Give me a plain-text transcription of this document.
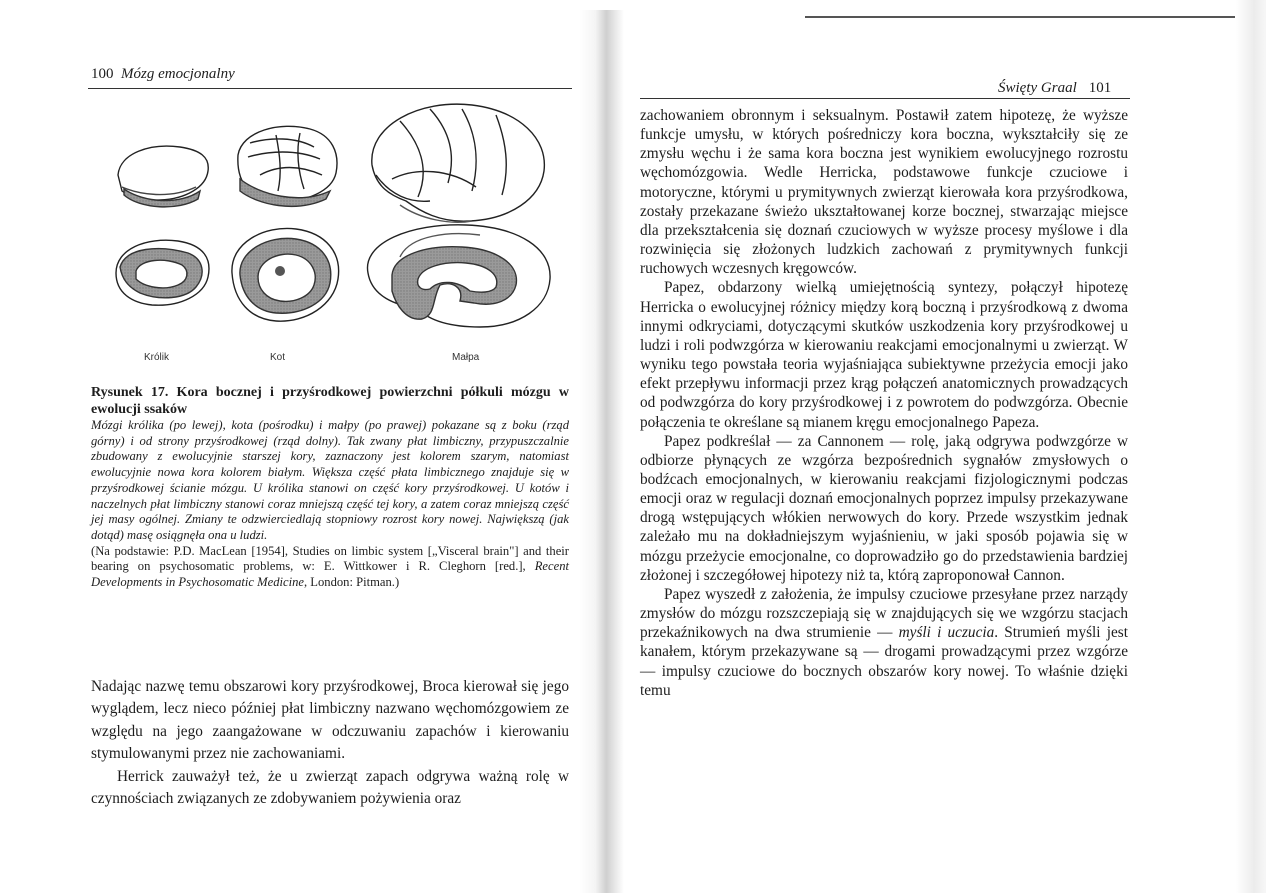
100 Mózg emocjonalny
Królik	Kot	Małpa
Rysunek 17. Kora bocznej i przyśrodkowej powierzchni półkuli mózgu w ewolucji ssaków
Mózgi królika (po lewej), kota (pośrodku) i małpy (po prawej) pokazane są z boku (rząd górny) i od strony przyśrodkowej (rząd dolny). Tak zwany płat limbiczny, przypuszczalnie zbudowany z ewolucyjnie starszej kory, zaznaczony jest kolorem szarym, natomiast ewolucyjnie nowa kora kolorem białym. Większa część płata limbicznego znajduje się w przyśrodkowej ścianie mózgu. U królika stanowi on część kory przyśrodkowej. U kotów i naczelnych płat limbiczny stanowi coraz mniejszą część tej kory, a zatem coraz mniejszą część jej masy ogólnej. Zmiany te odzwierciedlają stopniowy rozrost kory nowej. Największą (jak dotąd) masę osiągnęła ona u ludzi.
(Na podstawie: P.D. MacLean [1954], Studies on limbic system [„Visceral brain"] and their bearing on psychosomatic problems, w: E. Wittkower i R. Cleghorn [red.], Recent Developments in Psychosomatic Medicine, London: Pitman.)

Nadając nazwę temu obszarowi kory przyśrodkowej, Broca kierował się jego wyglądem, lecz nieco później płat limbiczny nazwano węchomózgowiem ze względu na jego zaangażowane w odczuwaniu zapachów i kierowaniu stymulowanymi przez nie zachowaniami.

Herrick zauważył też, że u zwierząt zapach odgrywa ważną rolę w czynnościach związanych ze zdobywaniem pożywienia oraz

Święty Graal 101

zachowaniem obronnym i seksualnym. Postawił zatem hipotezę, że wyższe funkcje umysłu, w których pośredniczy kora boczna, wykształciły się ze zmysłu węchu i że sama kora boczna jest wynikiem ewolucyjnego rozrostu węchomózgowia. Wedle Herricka, podstawowe funkcje czuciowe i motoryczne, którymi u prymitywnych zwierząt kierowała kora przyśrodkowa, zostały przekazane świeżo ukształtowanej korze bocznej, stwarzając miejsce dla przekształcenia się doznań czuciowych w wyższe procesy myślowe i dla rozwinięcia się złożonych ludzkich zachowań z prymitywnych funkcji ruchowych wczesnych kręgowców.

Papez, obdarzony wielką umiejętnością syntezy, połączył hipotezę Herricka o ewolucyjnej różnicy między korą boczną i przyśrodkową z dwoma innymi odkryciami, dotyczącymi skutków uszkodzenia kory przyśrodkowej u ludzi i roli podwzgórza w kierowaniu reakcjami emocjonalnymi u zwierząt. W wyniku tego powstała teoria wyjaśniająca subiektywne przeżycia emocji jako efekt przepływu informacji przez krąg połączeń anatomicznych prowadzących od podwzgórza do kory przyśrodkowej i z powrotem do podwzgórza. Obecnie połączenia te określane są mianem kręgu emocjonalnego Papeza.

Papez podkreślał — za Cannonem — rolę, jaką odgrywa podwzgórze w odbiorze płynących ze wzgórza bezpośrednich sygnałów zmysłowych o bodźcach emocjonalnych, w kierowaniu reakcjami fizjologicznymi podczas emocji oraz w regulacji doznań emocjonalnych poprzez impulsy przekazywane drogą wstępujących włókien nerwowych do kory. Przede wszystkim jednak zależało mu na dokładniejszym wyjaśnieniu, w jaki sposób pojawia się w mózgu przeżycie emocjonalne, co doprowadziło go do przedstawienia bardziej złożonej i szczegółowej hipotezy niż ta, którą zaproponował Cannon.

Papez wyszedł z założenia, że impulsy czuciowe przesyłane przez narządy zmysłów do mózgu rozszczepiają się w znajdujących się we wzgórzu stacjach przekaźnikowych na dwa strumienie — myśli i uczucia. Strumień myśli jest kanałem, którym przekazywane są — drogami prowadzącymi przez wzgórze — impulsy czuciowe do bocznych obszarów kory nowej. To właśnie dzięki temu
